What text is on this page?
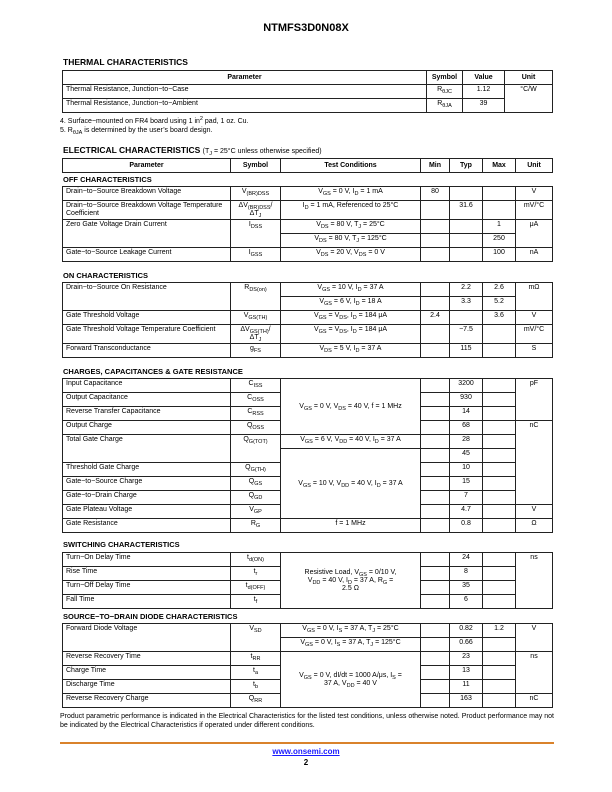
NTMFS3D0N08X
THERMAL CHARACTERISTICS
Parameter	Symbol	Value	Unit
Thermal Resistance, Junction−to−Case	$R_{\theta JC}$	1.12	°C/W
Thermal Resistance, Junction−to−Ambient	$R_{\theta JA}$	39	
4. Surface−mounted on FR4 board using 1 $in^2$ pad, 1 oz. Cu.
5. $R_{\theta JA}$ is determined by the user’s board design.
ELECTRICAL CHARACTERISTICS ($T_J = 25^\circ C$ unless otherwise specified)
Parameter	Symbol	Test Conditions	Min	Typ	Max	Unit
OFF CHARACTERISTICS
Drain−to−Source Breakdown Voltage	$V_{(BR)DSS}$	$V_{GS} = 0$ V, $I_D = 1$ mA	80			V
Drain−to−Source Breakdown Voltage Temperature Coefficient	$\Delta V_{(BR)DSS}/$ $\Delta T_J$	$I_D = 1$ mA, Referenced to 25°C		31.6		mV/°C
Zero Gate Voltage Drain Current	$I_{DSS}$	$V_{DS} = 80$ V, $T_J = 25^\circ C$			1	μA
		$V_{DS} = 80$ V, $T_J = 125^\circ C$			250	
Gate−to−Source Leakage Current	$I_{GSS}$	$V_{DS} = 20$ V, $V_{DS} = 0$ V			100	nA
ON CHARACTERISTICS
Drain−to−Source On Resistance	$R_{DS(on)}$	$V_{GS} = 10$ V, $I_D = 37$ A		2.2	2.6	mΩ
		$V_{GS} = 6$ V, $I_D = 18$ A		3.3	5.2	
Gate Threshold Voltage	$V_{GS(TH)}$	$V_{GS} = V_{DS}$, $I_D = 184$ μA	2.4		3.6	V
Gate Threshold Voltage Temperature Coefficient	$\Delta V_{GS(TH)}/$ $\Delta T_J$	$V_{GS} = V_{DS}$, $I_D = 184$ μA		−7.5		mV/°C
Forward Transconductance	$g_{FS}$	$V_{DS} = 5$ V, $I_D = 37$ A		115		S
CHARGES, CAPACITANCES & GATE RESISTANCE
Input Capacitance	$C_{ISS}$	$V_{GS} = 0$ V, $V_{DS} = 40$ V, f = 1 MHz		3200		pF
Output Capacitance	$C_{OSS}$			930		
Reverse Transfer Capacitance	$C_{RSS}$			14		
Output Charge	$Q_{OSS}$			68		nC
Total Gate Charge	$Q_{G(TOT)}$	$V_{GS} = 6$ V, $V_{DD} = 40$ V, $I_D = 37$ A		28		
		$V_{GS} = 10$ V, $V_{DD} = 40$ V, $I_D = 37$ A		45		
Threshold Gate Charge	$Q_{G(TH)}$			10		
Gate−to−Source Charge	$Q_{GS}$			15		
Gate−to−Drain Charge	$Q_{GD}$			7		
Gate Plateau Voltage	$V_{GP}$			4.7		V
Gate Resistance	$R_G$	f = 1 MHz		0.8		Ω
SWITCHING CHARACTERISTICS
Turn−On Delay Time	$t_{d(ON)}$	Resistive Load, $V_{GS} = 0/10$ V, $V_{DD} = 40$ V, $I_D = 37$ A, $R_G = 2.5$ Ω		24		ns
Rise Time	$t_r$			8		
Turn−Off Delay Time	$t_{d(OFF)}$			35		
Fall Time	$t_f$			6		
SOURCE−TO−DRAIN DIODE CHARACTERISTICS
Forward Diode Voltage	$V_{SD}$	$V_{GS} = 0$ V, $I_S = 37$ A, $T_J = 25^\circ C$		0.82	1.2	V
		$V_{GS} = 0$ V, $I_S = 37$ A, $T_J = 125^\circ C$		0.66		
Reverse Recovery Time	$t_{RR}$	$V_{GS} = 0$ V, dI/dt = 1000 A/μs, $I_S = 37$ A, $V_{DD} = 40$ V		23		ns
Charge Time	$t_a$			13		
Discharge Time	$t_b$			11		
Reverse Recovery Charge	$Q_{RR}$			163		nC
Product parametric performance is indicated in the Electrical Characteristics for the listed test conditions, unless otherwise noted. Product performance may not be indicated by the Electrical Characteristics if operated under different conditions.
www.onsemi.com
2
